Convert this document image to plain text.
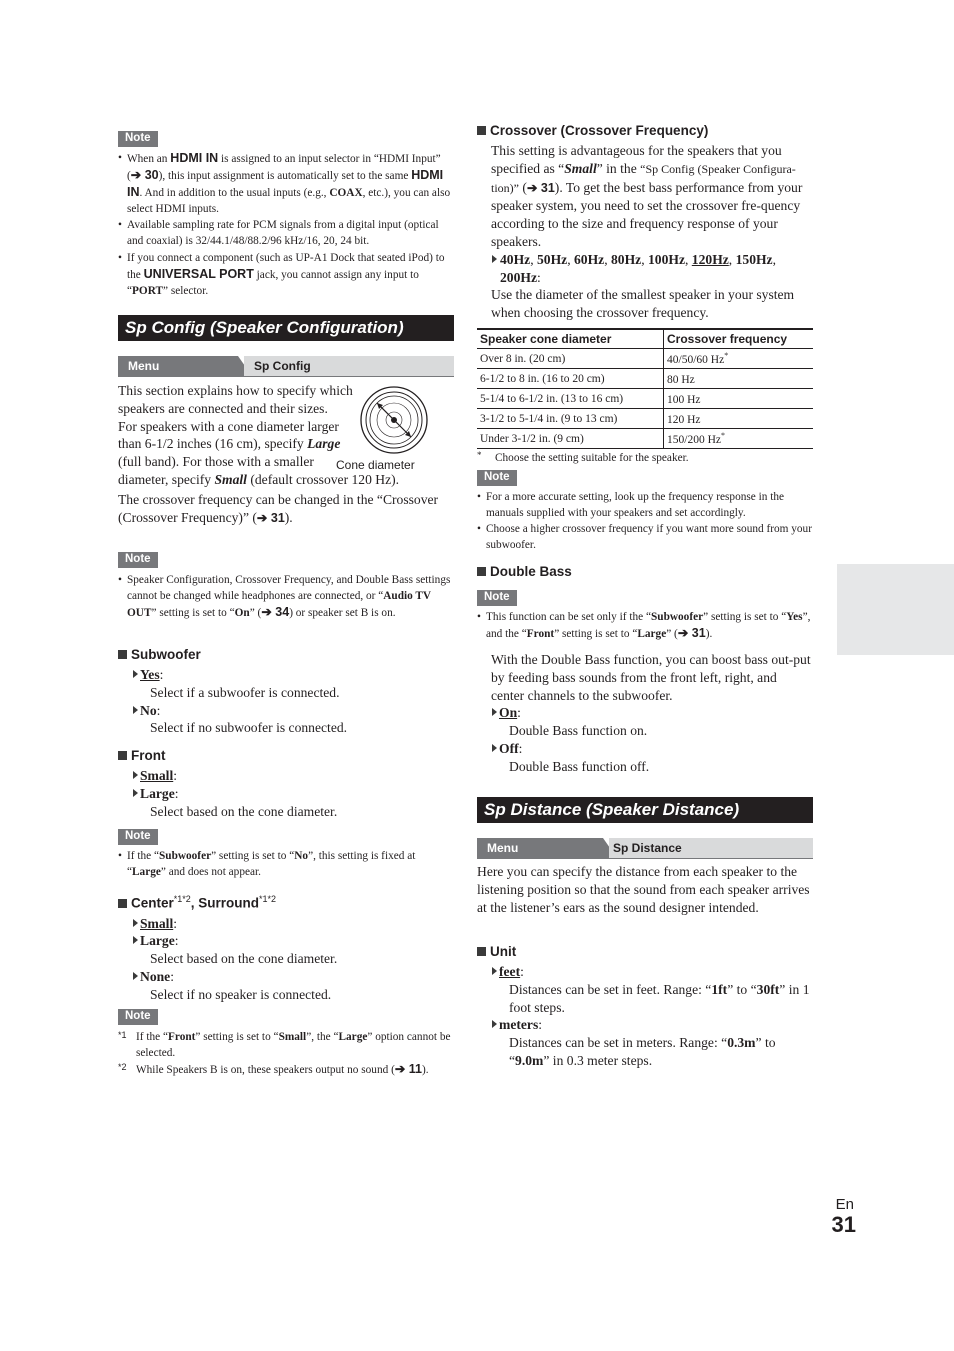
Note
• When an HDMI IN is assigned to an input selector in “HDMI Input” (➔ 30), this input assignment is automatically set to the same HDMI IN. And in addition to the usual inputs (e.g., COAX, etc.), you can also select HDMI inputs.
• Available sampling rate for PCM signals from a digital input (optical and coaxial) is 32/44.1/48/88.2/96 kHz/16, 20, 24 bit.
• If you connect a component (such as UP-A1 Dock that seated iPod) to the UNIVERSAL PORT jack, you cannot assign any input to “PORT” selector.
Sp Config (Speaker Configuration)
Menu	Sp Config
Cone diameter
This section explains how to specify which speakers are connected and their sizes.
For speakers with a cone diameter larger than 6-1/2 inches (16 cm), specify Large (full band). For those with a smaller diameter, specify Small (default crossover 120 Hz).
The crossover frequency can be changed in the “Crossover (Crossover Frequency)” (➔ 31).
Note
• Speaker Configuration, Crossover Frequency, and Double Bass settings cannot be changed while headphones are connected, or “Audio TV OUT” setting is set to “On” (➔ 34) or speaker set B is on.
Subwoofer
Yes:
Select if a subwoofer is connected.
No:
Select if no subwoofer is connected.
Front
Small:
Large:
Select based on the cone diameter.
Note
• If the “Subwoofer” setting is set to “No”, this setting is fixed at “Large” and does not appear.
Center$^{*1*2}$, Surround$^{*1*2}$
Small:
Large:
Select based on the cone diameter.
None:
Select if no speaker is connected.
Note
*1 If the “Front” setting is set to “Small”, the “Large” option cannot be selected.
*2 While Speakers B is on, these speakers output no sound (➔ 11).
Crossover (Crossover Frequency)
This setting is advantageous for the speakers that you specified as “Small” in the “Sp Config (Speaker Configura-tion)” (➔ 31). To get the best bass performance from your speaker system, you need to set the crossover fre-quency according to the size and frequency response of your speakers.
40Hz, 50Hz, 60Hz, 80Hz, 100Hz, 120Hz, 150Hz, 200Hz:
Use the diameter of the smallest speaker in your system when choosing the crossover frequency.
Speaker cone diameter	Crossover frequency
Over 8 in. (20 cm)	40/50/60 Hz*
6-1/2 to 8 in. (16 to 20 cm)	80 Hz
5-1/4 to 6-1/2 in. (13 to 16 cm)	100 Hz
3-1/2 to 5-1/4 in. (9 to 13 cm)	120 Hz
Under 3-1/2 in. (9 cm)	150/200 Hz*
* Choose the setting suitable for the speaker.
Note
• For a more accurate setting, look up the frequency response in the manuals supplied with your speakers and set accordingly.
• Choose a higher crossover frequency if you want more sound from your subwoofer.
Double Bass
Note
• This function can be set only if the “Subwoofer” setting is set to “Yes”, and the “Front” setting is set to “Large” (➔ 31).
With the Double Bass function, you can boost bass out-put by feeding bass sounds from the front left, right, and center channels to the subwoofer.
On:
Double Bass function on.
Off:
Double Bass function off.
Sp Distance (Speaker Distance)
Menu	Sp Distance
Here you can specify the distance from each speaker to the listening position so that the sound from each speaker arrives at the listener’s ears as the sound designer intended.
Unit
feet:
Distances can be set in feet. Range: “1ft” to “30ft” in 1 foot steps.
meters:
Distances can be set in meters. Range: “0.3m” to “9.0m” in 0.3 meter steps.
En
31
